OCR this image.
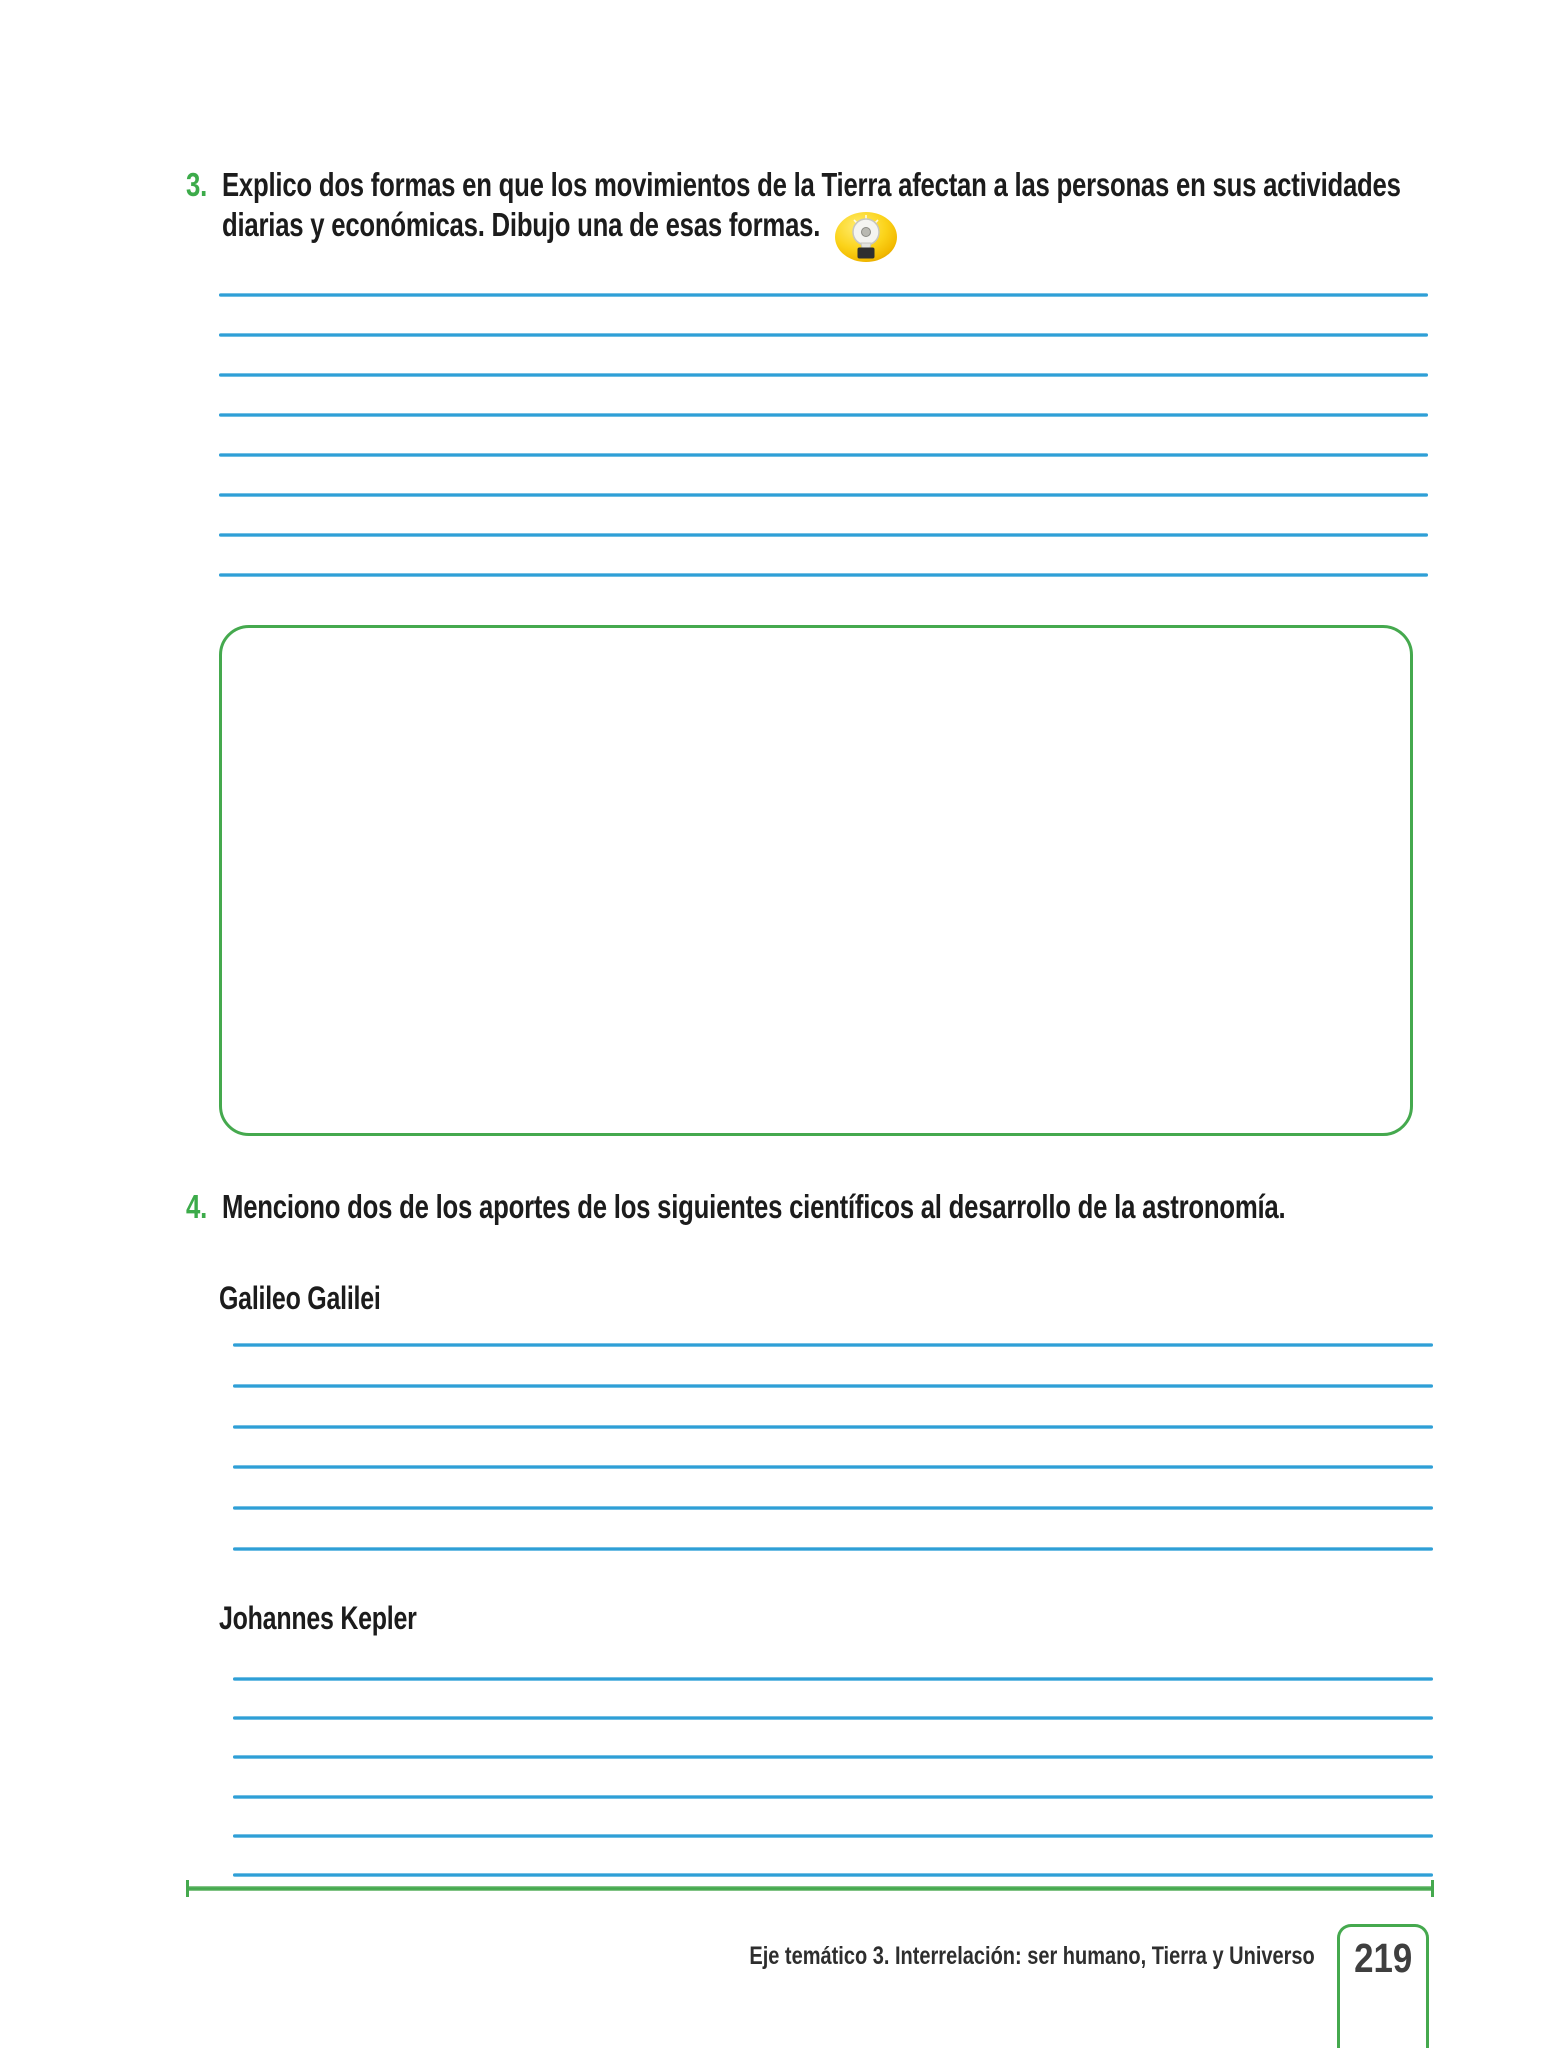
3. Explico dos formas en que los movimientos de la Tierra afectan a las personas en sus actividades
diarias y económicas. Dibujo una de esas formas.
4. Menciono dos de los aportes de los siguientes científicos al desarrollo de la astronomía.
Galileo Galilei
Johannes Kepler
Eje temático 3. Interrelación: ser humano, Tierra y Universo 219
